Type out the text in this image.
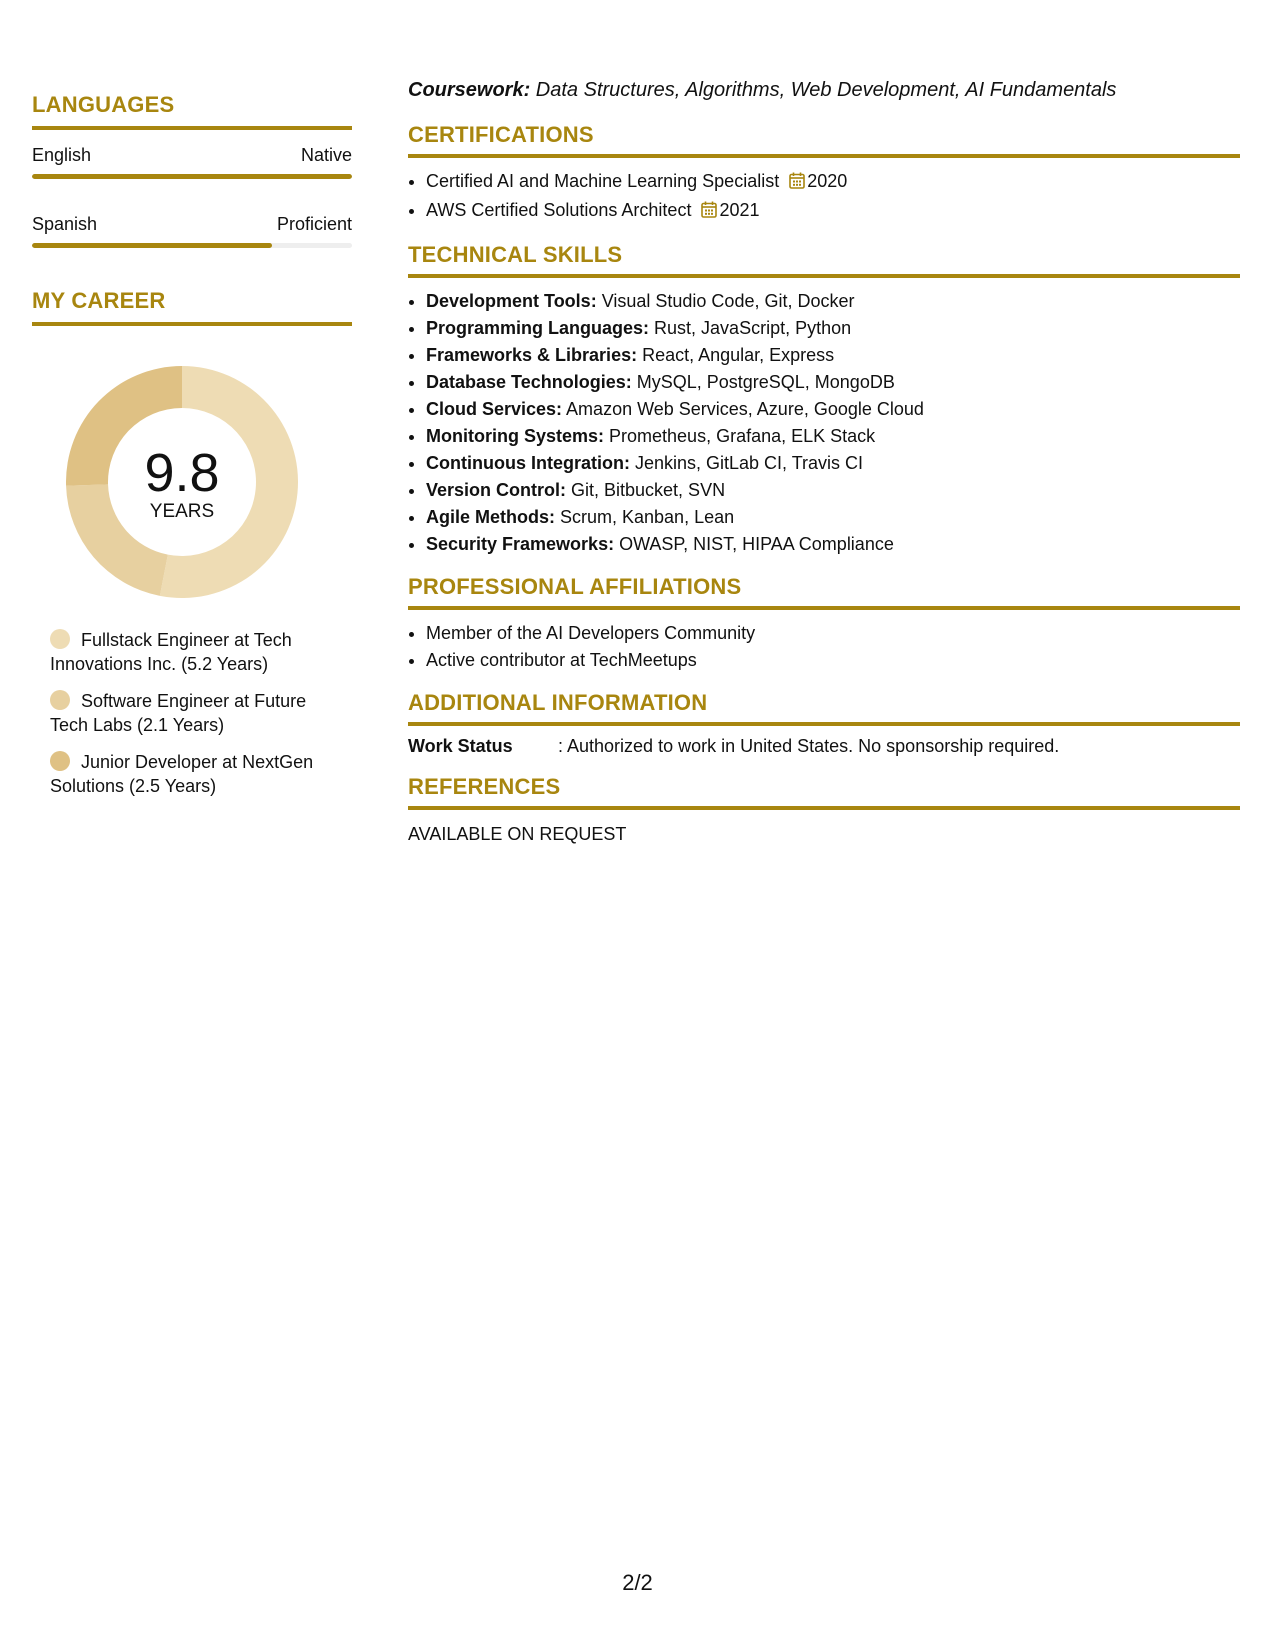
LANGUAGES
English	Native
Spanish	Proficient
MY CAREER
9.8
YEARS
Fullstack Engineer at Tech Innovations Inc. (5.2 Years)
Software Engineer at Future Tech Labs (2.1 Years)
Junior Developer at NextGen Solutions (2.5 Years)
Coursework: Data Structures, Algorithms, Web Development, AI Fundamentals
CERTIFICATIONS
• Certified AI and Machine Learning Specialist 2020
• AWS Certified Solutions Architect 2021
TECHNICAL SKILLS
• Development Tools: Visual Studio Code, Git, Docker
• Programming Languages: Rust, JavaScript, Python
• Frameworks & Libraries: React, Angular, Express
• Database Technologies: MySQL, PostgreSQL, MongoDB
• Cloud Services: Amazon Web Services, Azure, Google Cloud
• Monitoring Systems: Prometheus, Grafana, ELK Stack
• Continuous Integration: Jenkins, GitLab CI, Travis CI
• Version Control: Git, Bitbucket, SVN
• Agile Methods: Scrum, Kanban, Lean
• Security Frameworks: OWASP, NIST, HIPAA Compliance
PROFESSIONAL AFFILIATIONS
• Member of the AI Developers Community
• Active contributor at TechMeetups
ADDITIONAL INFORMATION
Work Status	: Authorized to work in United States. No sponsorship required.
REFERENCES
AVAILABLE ON REQUEST
2/2
